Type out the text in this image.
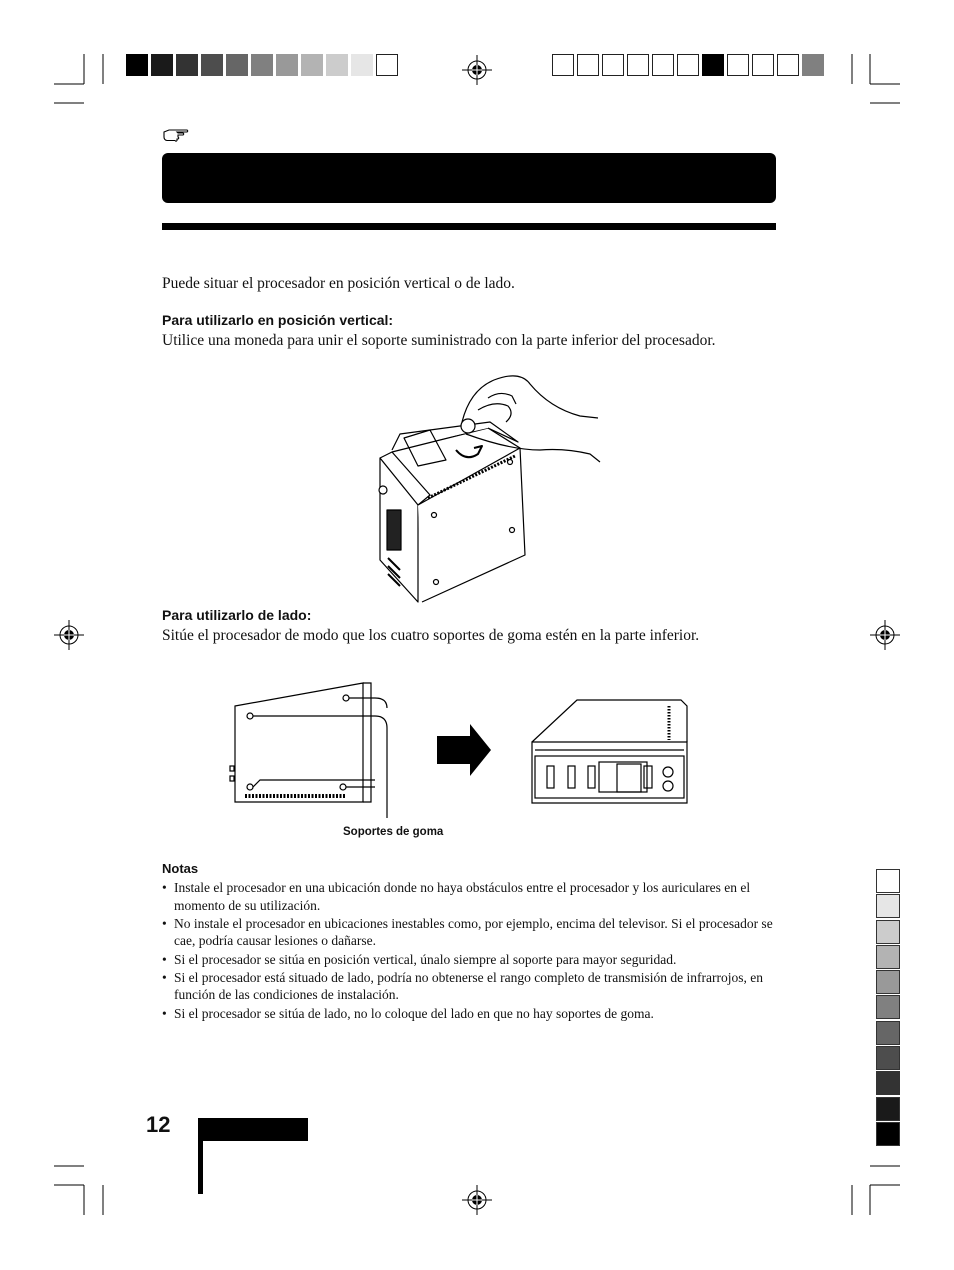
Puede situar el procesador en posición vertical o de lado.
Para utilizarlo en posición vertical:
Utilice una moneda para unir el soporte suministrado con la parte inferior del procesador.
Para utilizarlo de lado:
Sitúe el procesador de modo que los cuatro soportes de goma estén en la parte inferior.
Soportes de goma
Notas
• Instale el procesador en una ubicación donde no haya obstáculos entre el procesador y los auriculares en el momento de su utilización.
• No instale el procesador en ubicaciones inestables como, por ejemplo, encima del televisor. Si el procesador se cae, podría causar lesiones o dañarse.
• Si el procesador se sitúa en posición vertical, únalo siempre al soporte para mayor seguridad.
• Si el procesador está situado de lado, podría no obtenerse el rango completo de transmisión de infrarrojos, en función de las condiciones de instalación.
• Si el procesador se sitúa de lado, no lo coloque del lado en que no hay soportes de goma.
12
